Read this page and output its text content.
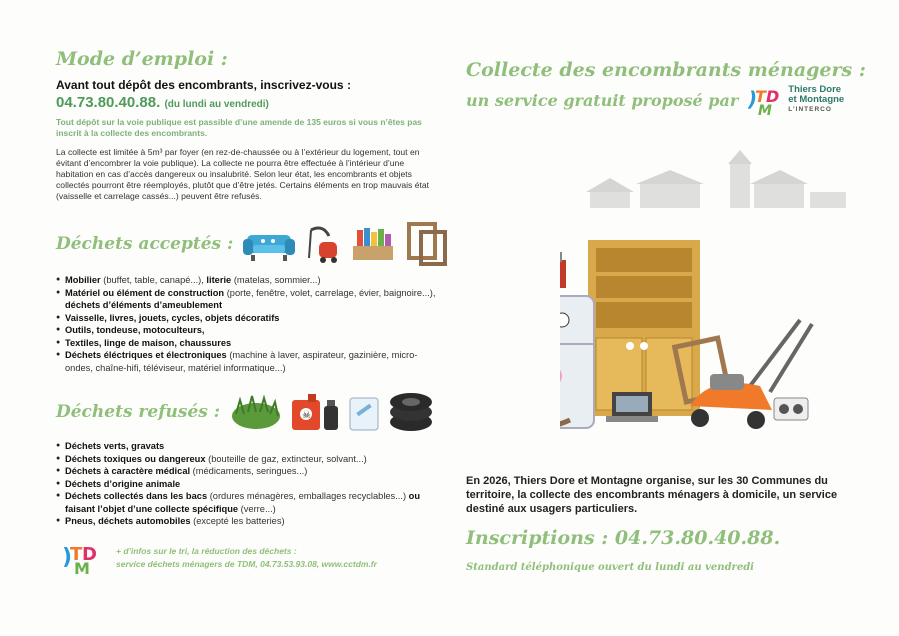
Mode d’emploi :
Avant tout dépôt des encombrants, inscrivez-vous :
04.73.80.40.88. (du lundi au vendredi)
Tout dépôt sur la voie publique est passible d’une amende de 135 euros si vous n’êtes pas inscrit à la collecte des encombrants.
La collecte est limitée à 5m³ par foyer (en rez-de-chaussée ou à l’extérieur du logement, tout en évitant d’encombrer la voie publique). La collecte ne pourra être effectuée à l’intérieur d’une habitation en cas d’accès dangereux ou insalubrité. Selon leur état, les encombrants et objets collectés pourront être réemployés, plutôt que d’être jetés. Certains éléments en trop mauvais état (vaisselle et carrelage cassés...) peuvent être refusés.
Déchets acceptés :
● Mobilier (buffet, table, canapé...), literie (matelas, sommier...)
● Matériel ou élément de construction (porte, fenêtre, volet, carrelage, évier, baignoire...), déchets d’éléments d’ameublement
● Vaisselle, livres, jouets, cycles, objets décoratifs
● Outils, tondeuse, motoculteurs,
● Textiles, linge de maison, chaussures
● Déchets éléctriques et électroniques (machine à laver, aspirateur, gazinière, micro-ondes, chaîne-hifi, téléviseur, matériel informatique...)
Déchets refusés :	☠
● Déchets verts, gravats
● Déchets toxiques ou dangereux (bouteille de gaz, extincteur, solvant...)
● Déchets à caractère médical (médicaments, seringues...)
● Déchets d’origine animale
● Déchets collectés dans les bacs (ordures ménagères, emballages recyclables...) ou faisant l’objet d’une collecte spécifique (verre...)
● Pneus, déchets automobiles (excepté les batteries)
)
T D
M
+ d’infos sur le tri, la réduction des déchets :
service déchets ménagers de TDM, 04.73.53.93.08, www.cctdm.fr
Collecte des encombrants ménagers :
un service gratuit proposé par )
T D
M
Thiers Dore
et Montagne
L’INTERCO
En 2026, Thiers Dore et Montagne organise, sur les 30 Communes du territoire, la collecte des encombrants ménagers à domicile, un service destiné aux usagers particuliers.
Inscriptions : 04.73.80.40.88.
Standard téléphonique ouvert du lundi au vendredi
